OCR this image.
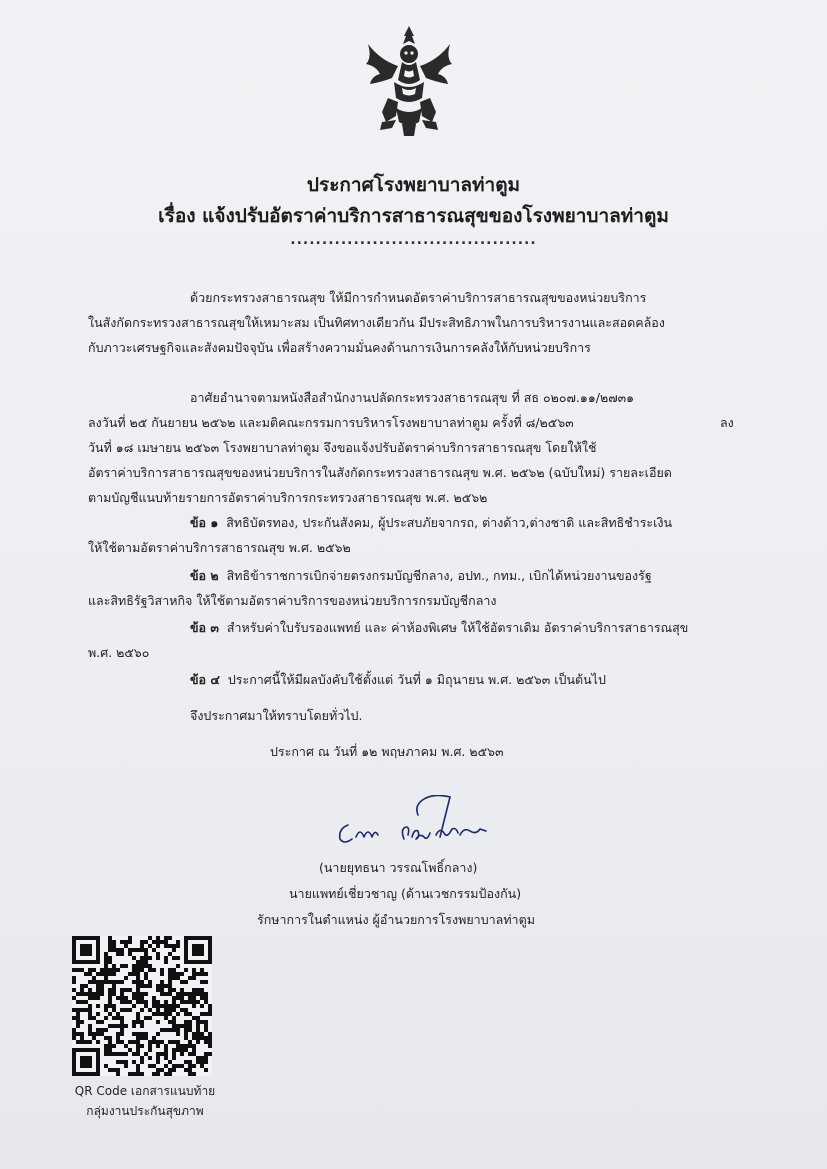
ประกาศโรงพยาบาลท่าตูม
เรื่อง แจ้งปรับอัตราค่าบริการสาธารณสุขของโรงพยาบาลท่าตูม
.......................................
ด้วยกระทรวงสาธารณสุข ให้มีการกำหนดอัตราค่าบริการสาธารณสุขของหน่วยบริการ
ในสังกัดกระทรวงสาธารณสุขให้เหมาะสม เป็นทิศทางเดียวกัน มีประสิทธิภาพในการบริหารงานและสอดคล้อง
กับภาวะเศรษฐกิจและสังคมปัจจุบัน เพื่อสร้างความมั่นคงด้านการเงินการคลังให้กับหน่วยบริการ
อาศัยอำนาจตามหนังสือสำนักงานปลัดกระทรวงสาธารณสุข ที่ สธ ๐๒๐๗.๑๑/๒๗๓๑
ลงวันที่ ๒๕ กันยายน ๒๕๖๒ และมติคณะกรรมการบริหารโรงพยาบาลท่าตูม ครั้งที่ ๘/๒๕๖๓	ลง
วันที่ ๑๘ เมษายน ๒๕๖๓ โรงพยาบาลท่าตูม จึงขอแจ้งปรับอัตราค่าบริการสาธารณสุข โดยให้ใช้
อัตราค่าบริการสาธารณสุขของหน่วยบริการในสังกัดกระทรวงสาธารณสุข พ.ศ. ๒๕๖๒ (ฉบับใหม่) รายละเอียด
ตามบัญชีแนบท้ายรายการอัตราค่าบริการกระทรวงสาธารณสุข พ.ศ. ๒๕๖๒
ข้อ ๑ สิทธิบัตรทอง, ประกันสังคม, ผู้ประสบภัยจากรถ, ต่างด้าว,ต่างชาติ และสิทธิชำระเงิน
ให้ใช้ตามอัตราค่าบริการสาธารณสุข พ.ศ. ๒๕๖๒
ข้อ ๒ สิทธิข้าราชการเบิกจ่ายตรงกรมบัญชีกลาง, อปท., กทม., เบิกได้หน่วยงานของรัฐ
และสิทธิรัฐวิสาหกิจ ให้ใช้ตามอัตราค่าบริการของหน่วยบริการกรมบัญชีกลาง
ข้อ ๓ สำหรับค่าใบรับรองแพทย์ และ ค่าห้องพิเศษ ให้ใช้อัตราเดิม อัตราค่าบริการสาธารณสุข
พ.ศ. ๒๕๖๐
ข้อ ๔ ประกาศนี้ให้มีผลบังคับใช้ตั้งแต่ วันที่ ๑ มิถุนายน พ.ศ. ๒๕๖๓ เป็นต้นไป
จึงประกาศมาให้ทราบโดยทั่วไป.
ประกาศ ณ วันที่ ๑๒ พฤษภาคม พ.ศ. ๒๕๖๓
(นายยุทธนา วรรณโพธิ์กลาง)
นายแพทย์เชี่ยวชาญ (ด้านเวชกรรมป้องกัน)
รักษาการในตำแหน่ง ผู้อำนวยการโรงพยาบาลท่าตูม
QR Code เอกสารแนบท้าย
กลุ่มงานประกันสุขภาพ
